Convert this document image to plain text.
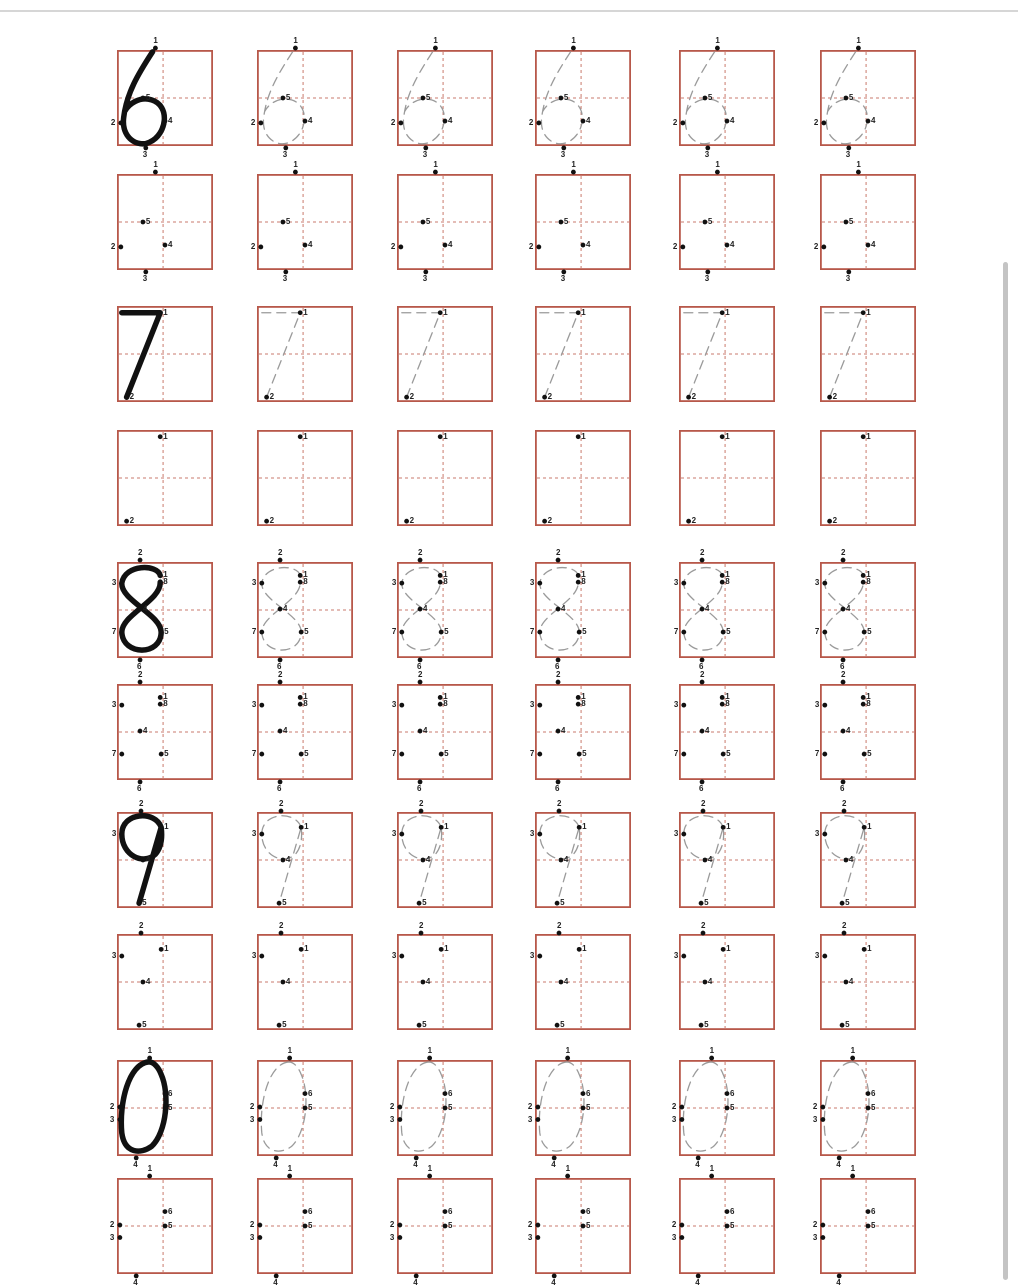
1
2
3
4
5
1
2
3
4
5
1
2
3
4
5
1
2
3
4
5
1
2
3
4
5
1
2
3
4
5
1
2
3
4
5
1
2
3
4
5
1
2
3
4
5
1
2
3
4
5
1
2
3
4
5
1
2
3
4
5
1
2
1
2
1
2
1
2
1
2
1
2
1
2
1
2
1
2
1
2
1
2
1
2
1
2
3
4
5
6
7
8
1
2
3
4
5
6
7
8
1
2
3
4
5
6
7
8
1
2
3
4
5
6
7
8
1
2
3
4
5
6
7
8
1
2
3
4
5
6
7
8
1
2
3
4
5
6
7
8
1
2
3
4
5
6
7
8
1
2
3
4
5
6
7
8
1
2
3
4
5
6
7
8
1
2
3
4
5
6
7
8
1
2
3
4
5
6
7
8
1
2
3
4
5
1
2
3
4
5
1
2
3
4
5
1
2
3
4
5
1
2
3
4
5
1
2
3
4
5
1
2
3
4
5
1
2
3
4
5
1
2
3
4
5
1
2
3
4
5
1
2
3
4
5
1
2
3
4
5
1
2
3
4
5
6
1
2
3
4
5
6
1
2
3
4
5
6
1
2
3
4
5
6
1
2
3
4
5
6
1
2
3
4
5
6
1
2
3
4
5
6
1
2
3
4
5
6
1
2
3
4
5
6
1
2
3
4
5
6
1
2
3
4
5
6
1
2
3
4
5
6
